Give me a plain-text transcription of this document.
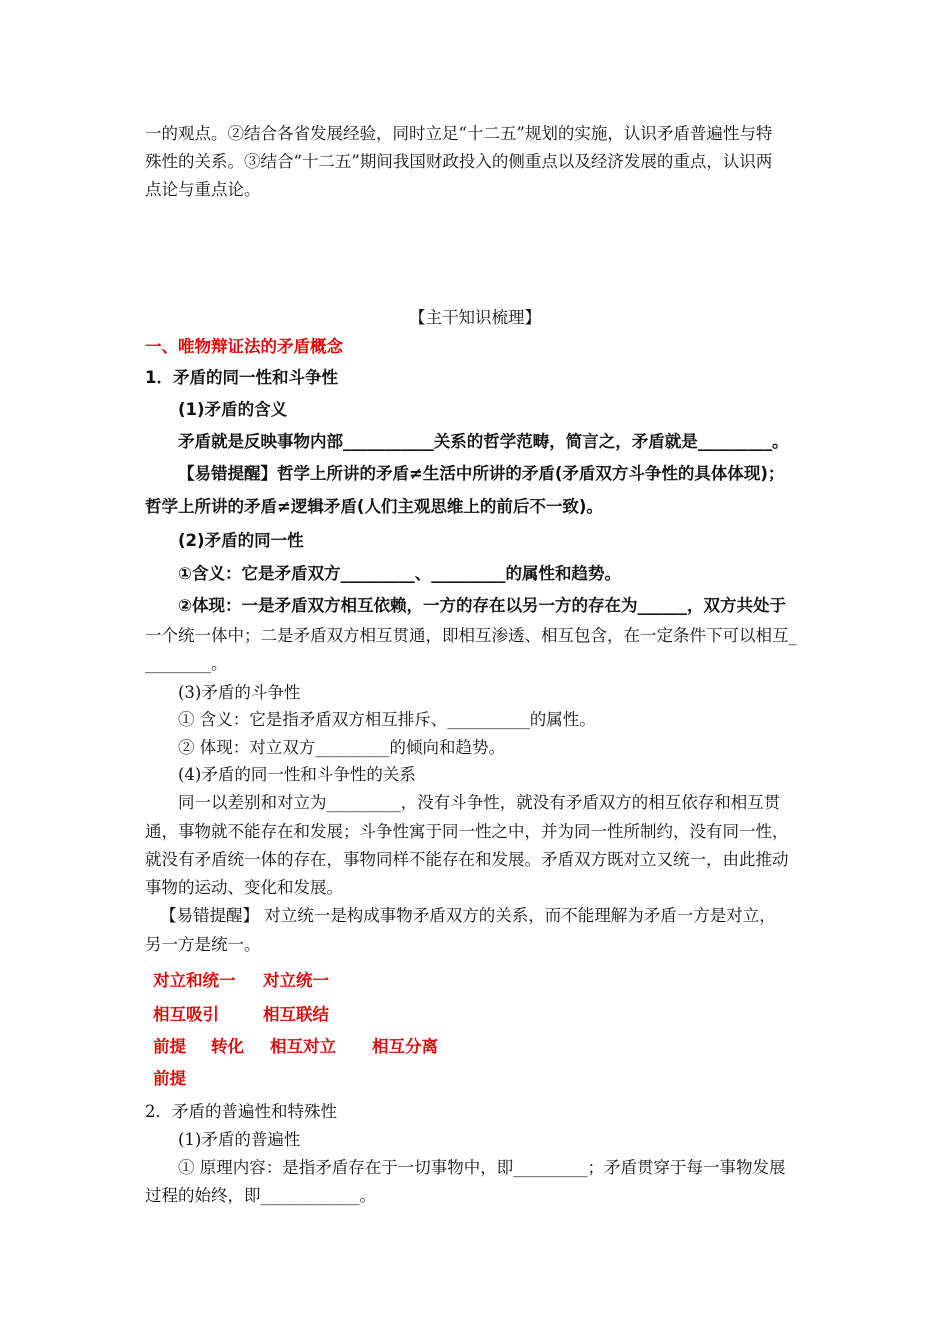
一的观点。②结合各省发展经验，同时立足“十二五”规划的实施，认识矛盾普遍性与特
殊性的关系。③结合“十二五”期间我国财政投入的侧重点以及经济发展的重点，认识两
点论与重点论。
【主干知识梳理】
一、唯物辩证法的矛盾概念
1．矛盾的同一性和斗争性
(1)矛盾的含义
矛盾就是反映事物内部___________关系的哲学范畴，简言之，矛盾就是_________。
【易错提醒】哲学上所讲的矛盾≠生活中所讲的矛盾(矛盾双方斗争性的具体体现)；
哲学上所讲的矛盾≠逻辑矛盾(人们主观思维上的前后不一致)。
(2)矛盾的同一性
①含义：它是矛盾双方_________、_________的属性和趋势。
②体现：一是矛盾双方相互依赖，一方的存在以另一方的存在为______，双方共处于
一个统一体中；二是矛盾双方相互贯通，即相互渗透、相互包含，在一定条件下可以相互_
________。
(3)矛盾的斗争性
① 含义：它是指矛盾双方相互排斥、__________的属性。
② 体现：对立双方_________的倾向和趋势。
(4)矛盾的同一性和斗争性的关系
同一以差别和对立为_________，没有斗争性，就没有矛盾双方的相互依存和相互贯
通，事物就不能存在和发展；斗争性寓于同一性之中，并为同一性所制约，没有同一性，
就没有矛盾统一体的存在，事物同样不能存在和发展。矛盾双方既对立又统一，由此推动
事物的运动、变化和发展。
【易错提醒】 对立统一是构成事物矛盾双方的关系，而不能理解为矛盾一方是对立，
另一方是统一。
对立和统一 对立统一
相互吸引	相互联结
前提 转化 相互对立 相互分离
前提
2．矛盾的普遍性和特殊性
(1)矛盾的普遍性
① 原理内容：是指矛盾存在于一切事物中，即_________；矛盾贯穿于每一事物发展
过程的始终，即____________。
